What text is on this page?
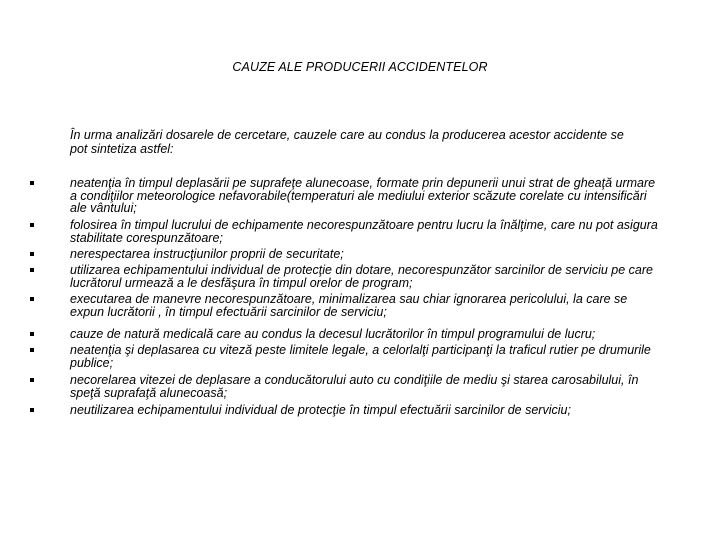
CAUZE ALE PRODUCERII ACCIDENTELOR
În urma analizări dosarele de cercetare, cauzele care au condus la producerea acestor accidente se pot sintetiza astfel:
neatenţia în timpul deplasării pe suprafeţe alunecoase, formate prin depunerii unui strat de gheaţă urmare a condiţiilor meteorologice nefavorabile(temperaturi ale mediului exterior scăzute corelate cu intensificări ale vântului;
folosirea în timpul lucrului de echipamente necorespunzătoare pentru lucru la înălţime, care nu pot asigura stabilitate corespunzătoare;
nerespectarea instrucţiunilor proprii de securitate;
utilizarea echipamentului individual de protecţie din dotare, necorespunzător sarcinilor de serviciu pe care lucrătorul urmează a le desfăşura în timpul orelor de program;
executarea de manevre necorespunzătoare, minimalizarea sau chiar ignorarea pericolului, la care se expun lucrătorii , în timpul efectuării sarcinilor de serviciu;
cauze de natură medicală care au condus la decesul lucrătorilor în timpul programului de lucru;
neatenţia şi deplasarea cu viteză peste limitele legale, a celorlalţi participanţi la traficul rutier pe drumurile publice;
necorelarea vitezei de deplasare a conducătorului auto cu condiţiile de mediu şi starea carosabilului, în speţă suprafaţă alunecoasă;
neutilizarea echipamentului individual de protecţie în timpul efectuării sarcinilor de serviciu;
